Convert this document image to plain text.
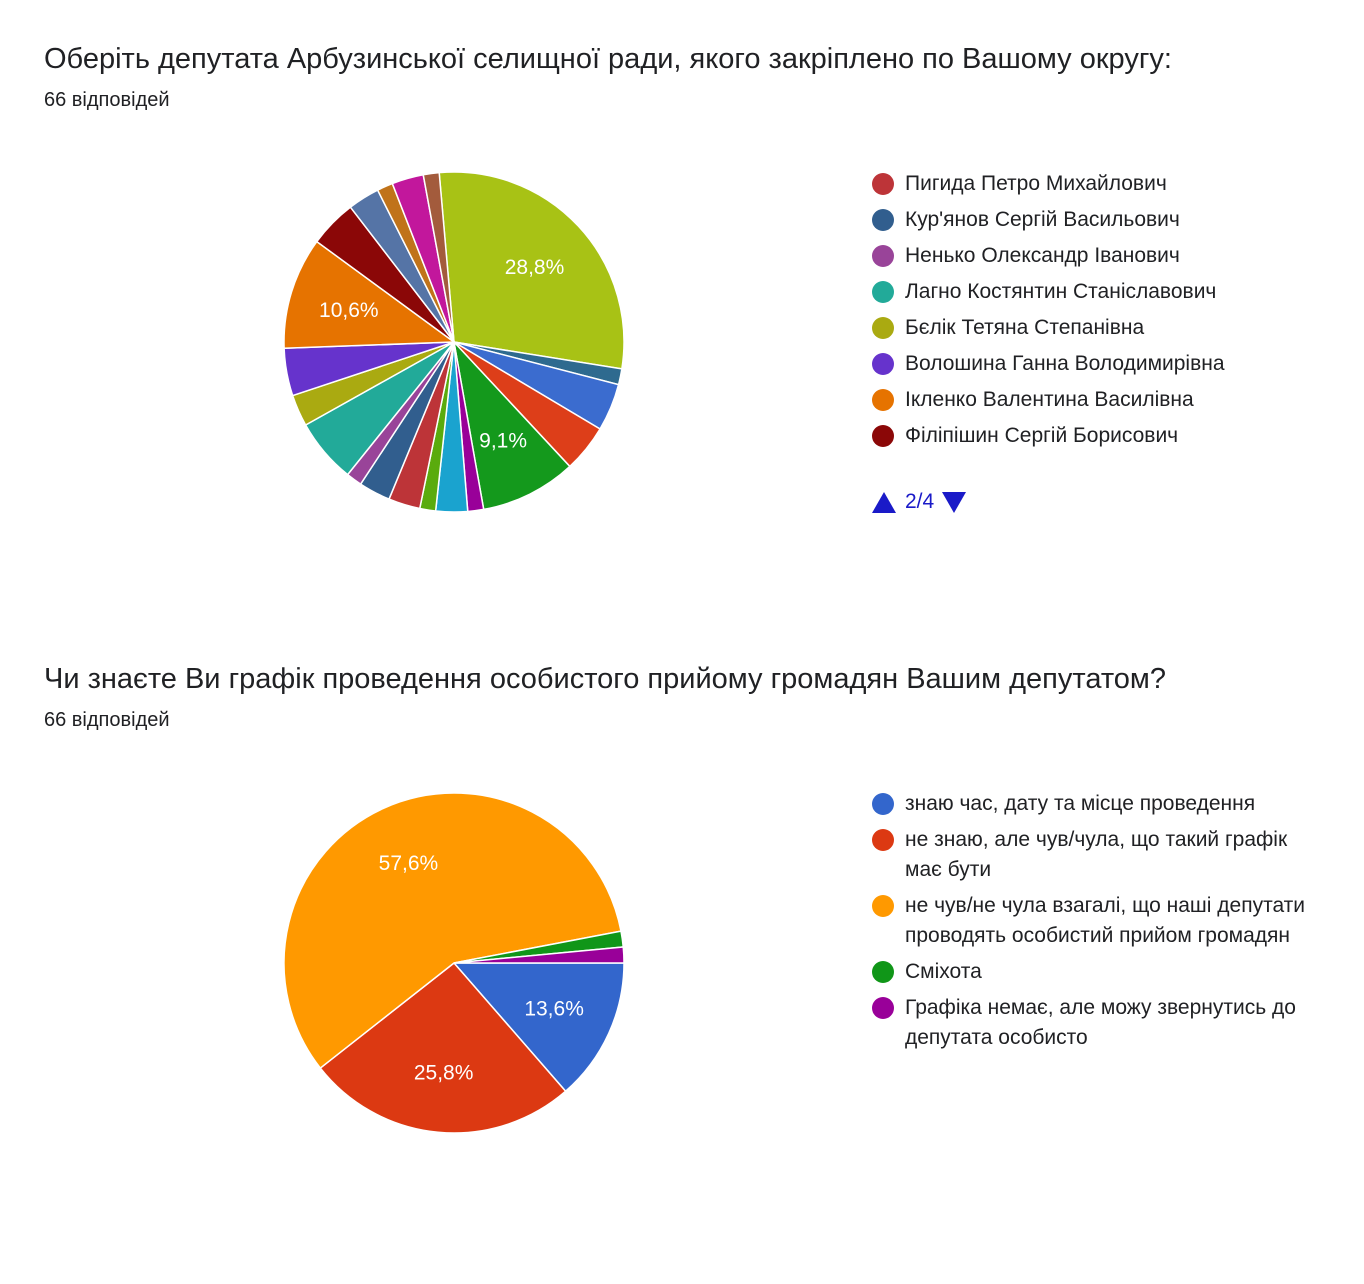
Оберіть депутата Арбузинської селищної ради, якого закріплено по Вашому округу:
66 відповідей
28,8%
9,1%
10,6%
Пигида Петро Михайлович
Кур'янов Сергій Васильович
Ненько Олександр Іванович
Лагно Костянтин Станіславович
Бєлік Тетяна Степанівна
Волошина Ганна Володимирівна
Ікленко Валентина Василівна
Філіпішин Сергій Борисович
2/4
Чи знаєте Ви графік проведення особистого прийому громадян Вашим депутатом?
66 відповідей
13,6%
25,8%
57,6%
знаю час, дату та місце проведення
не знаю, але чув/чула, що такий графік має бути
не чув/не чула взагалі, що наші депутати проводять особистий прийом громадян
Сміхота
Графіка немає, але можу звернутись до депутата особисто
